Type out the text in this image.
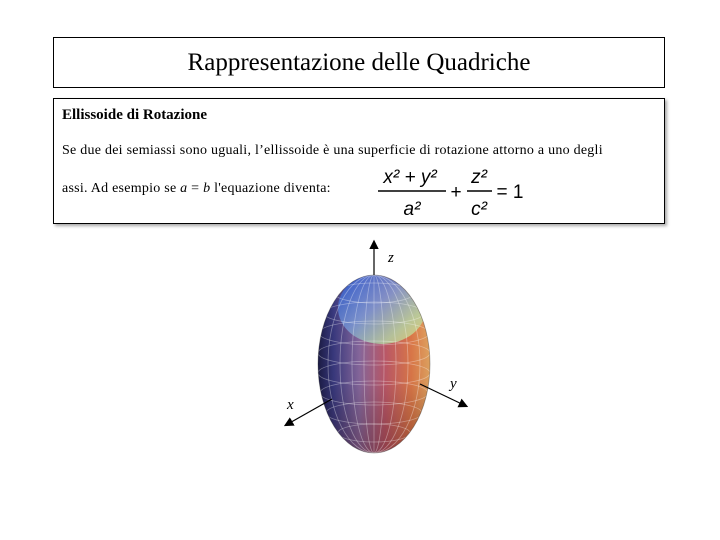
Rappresentazione delle Quadriche
Ellissoide di Rotazione
Se due dei semiassi sono uguali, l’ellissoide è una superficie di rotazione attorno a uno degli
assi. Ad esempio se a = b l'equazione diventa:
x² + y²
a²
+
z²
c²
= 1
z
y
x
